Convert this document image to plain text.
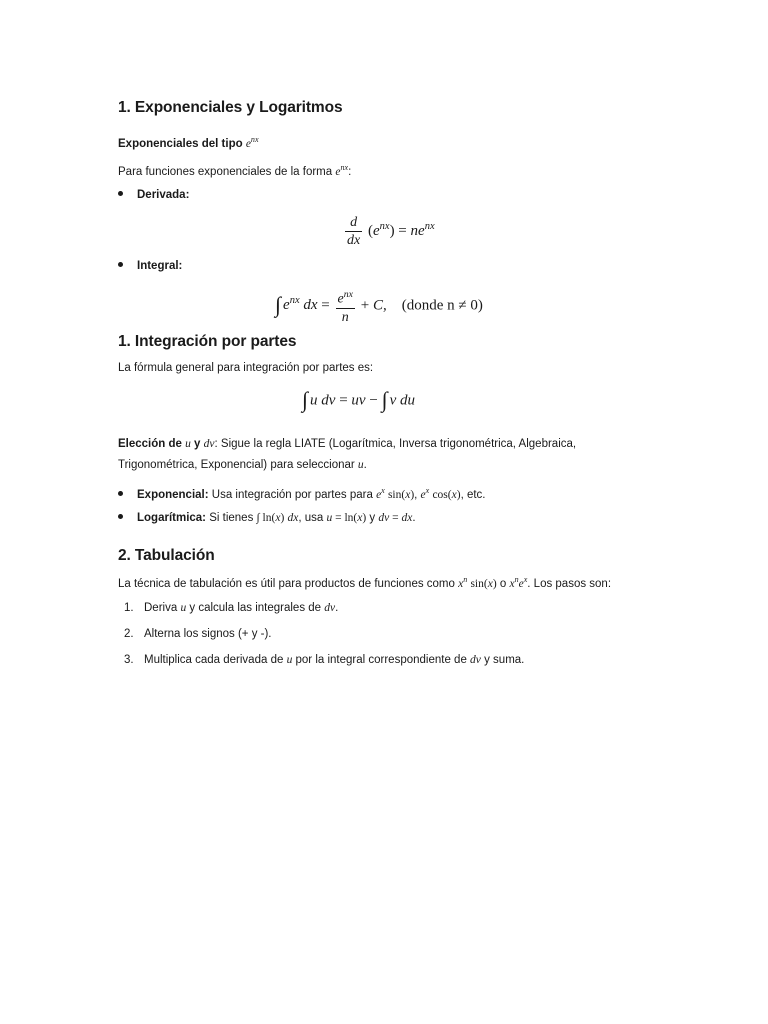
1. Exponenciales y Logaritmos
Exponenciales del tipo $e^{nx}$
Para funciones exponenciales de la forma $e^{nx}$:
Derivada:
$\frac{d}{dx} (e^{nx}) = ne^{nx}$
Integral:
∫ $e^{nx}$ dx = $\frac{e^{nx}}{n} + C$,    (donde n ≠ 0)
1. Integración por partes
La fórmula general para integración por partes es:
∫ u dv = uv − ∫ v du
Elección de u y dv: Sigue la regla LIATE (Logarítmica, Inversa trigonométrica, Algebraica,
Trigonométrica, Exponencial) para seleccionar u.
Exponencial: Usa integración por partes para $e^x$ sin(x), $e^x$ cos(x), etc.
Logarítmica: Si tienes ∫ ln(x) dx, usa u = ln(x) y dv = dx.
2. Tabulación
La técnica de tabulación es útil para productos de funciones como $x^n$ sin(x) o $x^ne^x$. Los pasos son:
1. Deriva u y calcula las integrales de dv.
2. Alterna los signos (+ y -).
3. Multiplica cada derivada de u por la integral correspondiente de dv y suma.
